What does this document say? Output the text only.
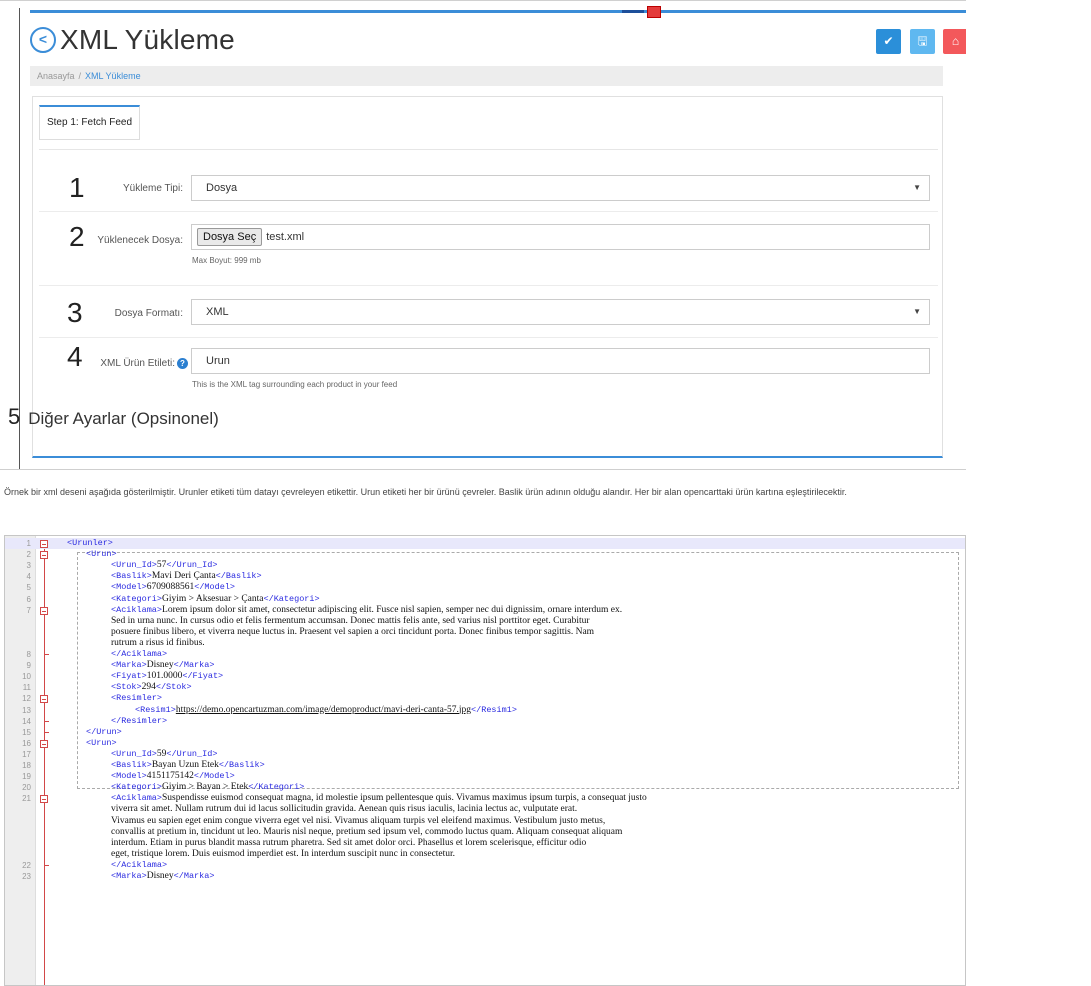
< XML Yükleme	✔	🖫	⌂
Anasayfa / XML Yükleme
Step 1: Fetch Feed
1	Yükleme Tipi:	Dosya	▼
2	Yüklenecek Dosya:	Dosya Seç test.xml
Max Boyut: 999 mb
3	Dosya Formatı:	XML	▼
4	XML Ürün Etileti: ?	Urun
This is the XML tag surrounding each product in your feed
5 Diğer Ayarlar (Opsinonel)
Örnek bir xml deseni aşağıda gösterilmiştir. Urunler etiketi tüm datayı çevreleyen etikettir. Urun etiketi her bir ürünü çevreler. Baslik ürün adının olduğu alandır. Her bir alan opencarttaki ürün kartına eşleştirilecektir.
1	<Urunler>
2	<Urun>
3	<Urun_Id>57</Urun_Id>
4	<Baslik>Mavi Deri Çanta</Baslik>
5	<Model>6709088561</Model>
6	<Kategori>Giyim > Aksesuar > Çanta</Kategori>
7	<Aciklama>Lorem ipsum dolor sit amet, consectetur adipiscing elit. Fusce nisl sapien, semper nec dui dignissim, ornare interdum ex.
Sed in urna nunc. In cursus odio et felis fermentum accumsan. Donec mattis felis ante, sed varius nisl porttitor eget. Curabitur
posuere finibus libero, et viverra neque luctus in. Praesent vel sapien a orci tincidunt porta. Donec finibus tempor sagittis. Nam
rutrum a risus id finibus.
8	</Aciklama>
9	<Marka>Disney</Marka>
10	<Fiyat>101.0000</Fiyat>
11	<Stok>294</Stok>
12	<Resimler>
13	<Resim1>https://demo.opencartuzman.com/image/demoproduct/mavi-deri-canta-57.jpg</Resim1>
14	</Resimler>
15	</Urun>
16	<Urun>
17	<Urun_Id>59</Urun_Id>
18	<Baslik>Bayan Uzun Etek</Baslik>
19	<Model>4151175142</Model>
20	<Kategori>Giyim > Bayan > Etek</Kategori>
21	<Aciklama>Suspendisse euismod consequat magna, id molestie ipsum pellentesque quis. Vivamus maximus ipsum turpis, a consequat justo
viverra sit amet. Nullam rutrum dui id lacus sollicitudin gravida. Aenean quis risus iaculis, lacinia lectus ac, vulputate erat.
Vivamus eu sapien eget enim congue viverra eget vel nisi. Vivamus aliquam turpis vel eleifend maximus. Vestibulum justo metus,
convallis at pretium in, tincidunt ut leo. Mauris nisl neque, pretium sed ipsum vel, commodo luctus quam. Aliquam consequat aliquam
interdum. Etiam in purus blandit massa rutrum pharetra. Sed sit amet dolor orci. Phasellus et lorem scelerisque, efficitur odio
eget, tristique lorem. Duis euismod imperdiet est. In interdum suscipit nunc in consectetur.
22	</Aciklama>
23	<Marka>Disney</Marka>
